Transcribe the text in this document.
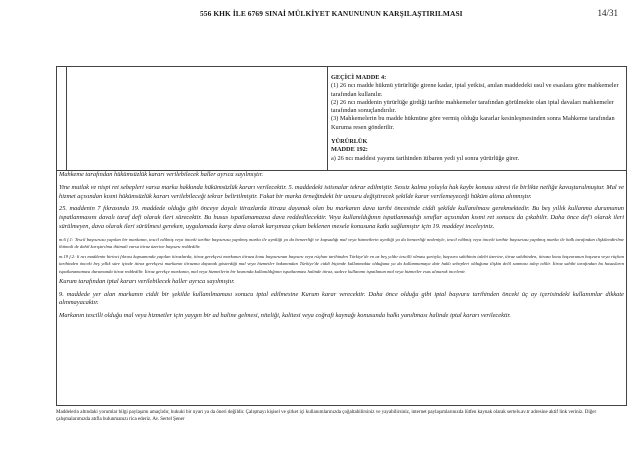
556 KHK İLE 6769 SINAİ MÜLKİYET KANUNUNUN KARŞILAŞTIRILMASI	14/31

GEÇİCİ MADDE 4:

(1) 26 ncı madde hükmü yürürlüğe girene kadar, iptal yetkisi, anılan maddedeki usul ve esaslara göre mahkemeler tarafından kullanılır.

(2) 26 ncı maddenin yürürlüğe girdiği tarihte mahkemeler tarafından görülmekte olan iptal davaları mahkemeler tarafından sonuçlandırılır.

(3) Mahkemelerin bu madde hükmüne göre vermiş olduğu kararlar kesinleşmesinden sonra Mahkeme tarafından Kuruma resen gönderilir.

YÜRÜRLÜK

MADDE 192:

a) 26 ncı maddesi yayımı tarihinden itibaren yedi yıl sonra yürürlüğe girer.

Mahkeme tarafından hükümsüzlük kararı verilebilecek haller ayrıca sayılmıştır.

Yine mutlak ve nispi ret sebepleri varsa marka hakkında hükümsüzlük kararı verilecektir. 5. maddedeki istisnalar tekrar edilmiştir. Sessiz kalma yoluyla hak kaybı konusu süresi ile birlikte netliğe kavuşturulmuştur. Mal ve hizmet açısından kısmi hükümsüzlük kararı verilebileceği tekrar belirtilmiştir. Fakat bir marka örneğindeki bir unsuru değiştirecek şekilde karar verilemeyeceği hüküm altına alınmıştır.

25. maddenin 7 fıkrasında 19. maddede olduğu gibi önceye dayalı itirazlarda itiraza dayanak olan bu markanın dava tarihi öncesinde ciddi şekilde kullanılması gerekmektedir. Bu beş yıllık kullanma durumunun ispatlanmasını davalı taraf defi olarak ileri sürecektir. Bu husus ispatlanamazsa dava reddedilecektir. Veya kullanıldığının ispatlanmadığı sınıflar açısından kısmi ret sonucu da çıkabilir. Daha önce def'i olarak ileri sürülmeyen, dava olarak ileri sürülmesi gereken, uygulamada karşı dava olarak karşımıza çıkan beklenen mesele konusuna katkı sağlamıştır için 19. maddeyi inceleyiniz.

m.6 f.1: Tescil başvurusu yapılan bir markanın, tescil edilmiş veya önceki tarihte başvurusu yapılmış marka ile ayniliği ya da benzerliği ve kapsadığı mal veya hizmetlerin ayniliği ya da benzerliği nedeniyle, tescil edilmiş veya önceki tarihte başvurusu yapılmış marka ile halk tarafından ilişkilendirilme ihtimali de dahil karıştırılma ihtimali varsa itiraz üzerine başvuru reddedilir.

m.19 f.2: 6 ncı maddenin birinci fıkrası kapsamında yapılan itirazlarda, itiraz gerekçesi markanın itiraza konu başvurunun başvuru veya rüçhan tarihinden Türkiye'de en az beş yıldır tescilli olması şartıyla, başvuru sahibinin talebi üzerine, itiraz sahibinden, itiraza konu başvurunun başvuru veya rüçhan tarihinden önceki beş yıllık süre içinde itiraz gerekçesi markanın itirazına dayanak gösterdiği mal veya hizmetler bakımından Türkiye'de ciddi biçimde kullanmakta olduğuna ya da kullanmamaya dair haklı sebepleri olduğuna ilişkin delil sunması talep edilir. İtiraz sahibi tarafından bu hususların ispatlanamaması durumunda itiraz reddedilir. İtiraz gerekçe markanın, mal veya hizmetlerin bir kısmında kullanıldığının ispatlanması halinde itiraz, sadece kullanımı ispatlanan mal veya hizmetler esas alınarak incelenir.

Kurum tarafından iptal kararı verilebilecek haller ayrıca sayılmıştır.

9. maddede yer alan markanın ciddi bir şekilde kullanılmaması sonucu iptal edilmesine Kurum karar verecektir. Daha önce olduğu gibi iptal başvuru tarihinden önceki üç ay içerisindeki kullanımlar dikkate alınmayacaktır.

Markanın tescilli olduğu mal veya hizmetler için yaygın bir ad haline gelmesi, niteliği, kalitesi veya coğrafi kaynağı konusunda halkı yanıltması halinde iptal kararı verilecektir.

Maddelerin altındaki yorumlar bilgi paylaşımı amaçlıdır, hukuki bir uyarı ya da öneri değildir. Çalışmayı kişisel ve şirket içi kullanımlarınızda çoğaltabilirsiniz ve yayabilirsiniz, internet paylaşımlarınızda lütfen kaynak olarak sertels.av.tr adresine aktif link veriniz. Diğer çalışmalarımızda atıfla bulunmanızı rica ederiz. Av. Sertel Şener
